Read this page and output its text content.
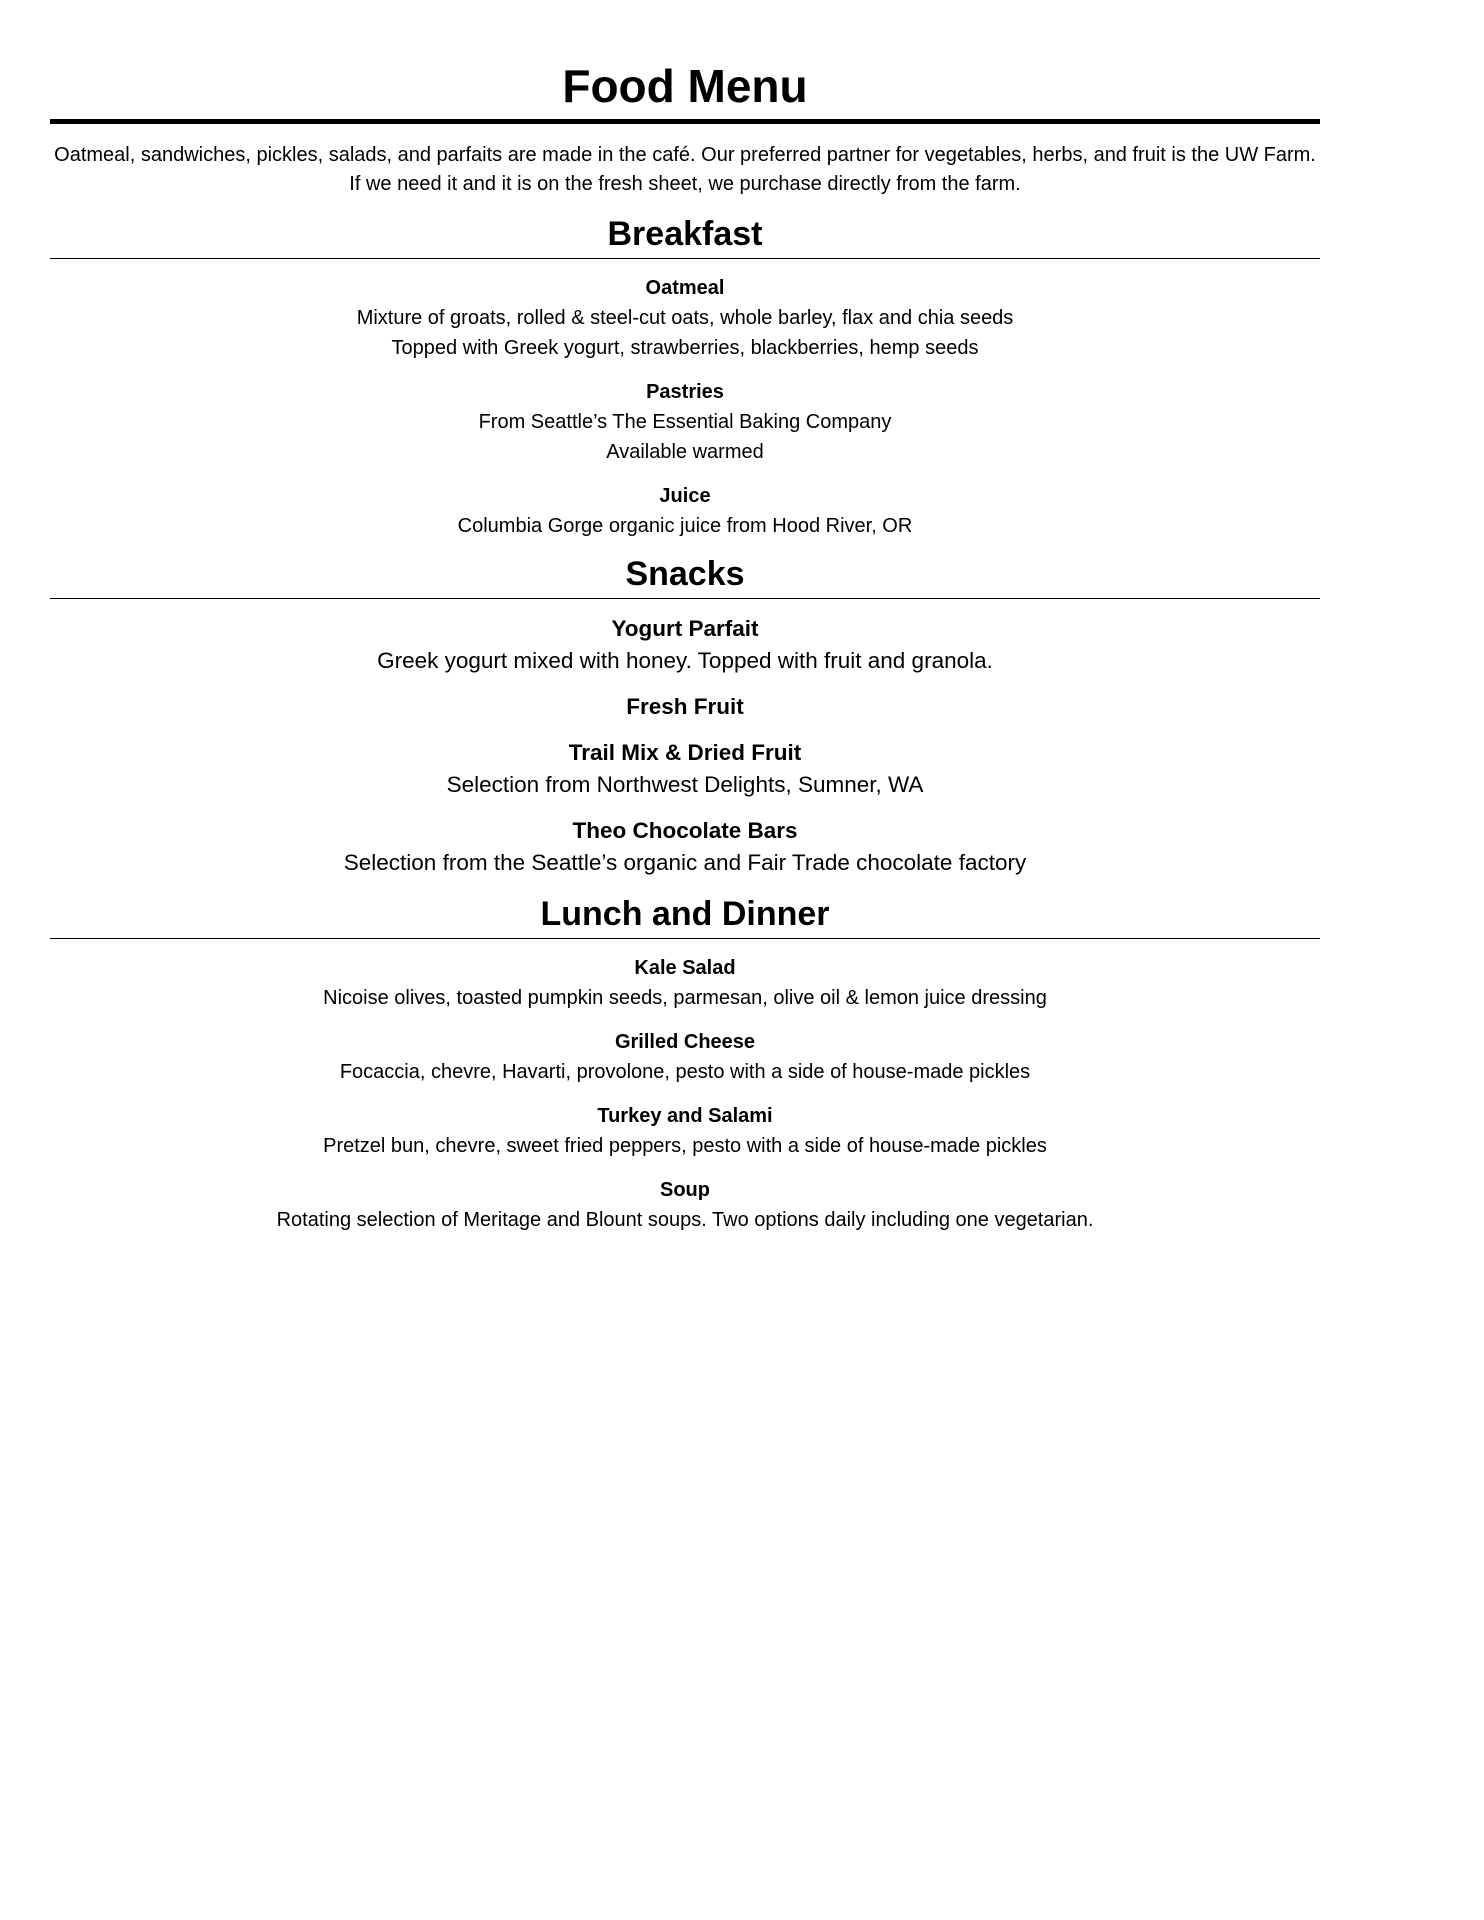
Food Menu
Oatmeal, sandwiches, pickles, salads, and parfaits are made in the café. Our preferred partner for vegetables, herbs, and fruit is the UW Farm. If we need it and it is on the fresh sheet, we purchase directly from the farm.
Breakfast
Oatmeal
Mixture of groats, rolled & steel-cut oats, whole barley, flax and chia seeds
Topped with Greek yogurt, strawberries, blackberries, hemp seeds
Pastries
From Seattle’s The Essential Baking Company
Available warmed
Juice
Columbia Gorge organic juice from Hood River, OR
Snacks
Yogurt Parfait
Greek yogurt mixed with honey. Topped with fruit and granola.
Fresh Fruit
Trail Mix & Dried Fruit
Selection from Northwest Delights, Sumner, WA
Theo Chocolate Bars
Selection from the Seattle’s organic and Fair Trade chocolate factory
Lunch and Dinner
Kale Salad
Nicoise olives, toasted pumpkin seeds, parmesan, olive oil & lemon juice dressing
Grilled Cheese
Focaccia, chevre, Havarti, provolone, pesto with a side of house-made pickles
Turkey and Salami
Pretzel bun, chevre, sweet fried peppers, pesto with a side of house-made pickles
Soup
Rotating selection of Meritage and Blount soups. Two options daily including one vegetarian.
